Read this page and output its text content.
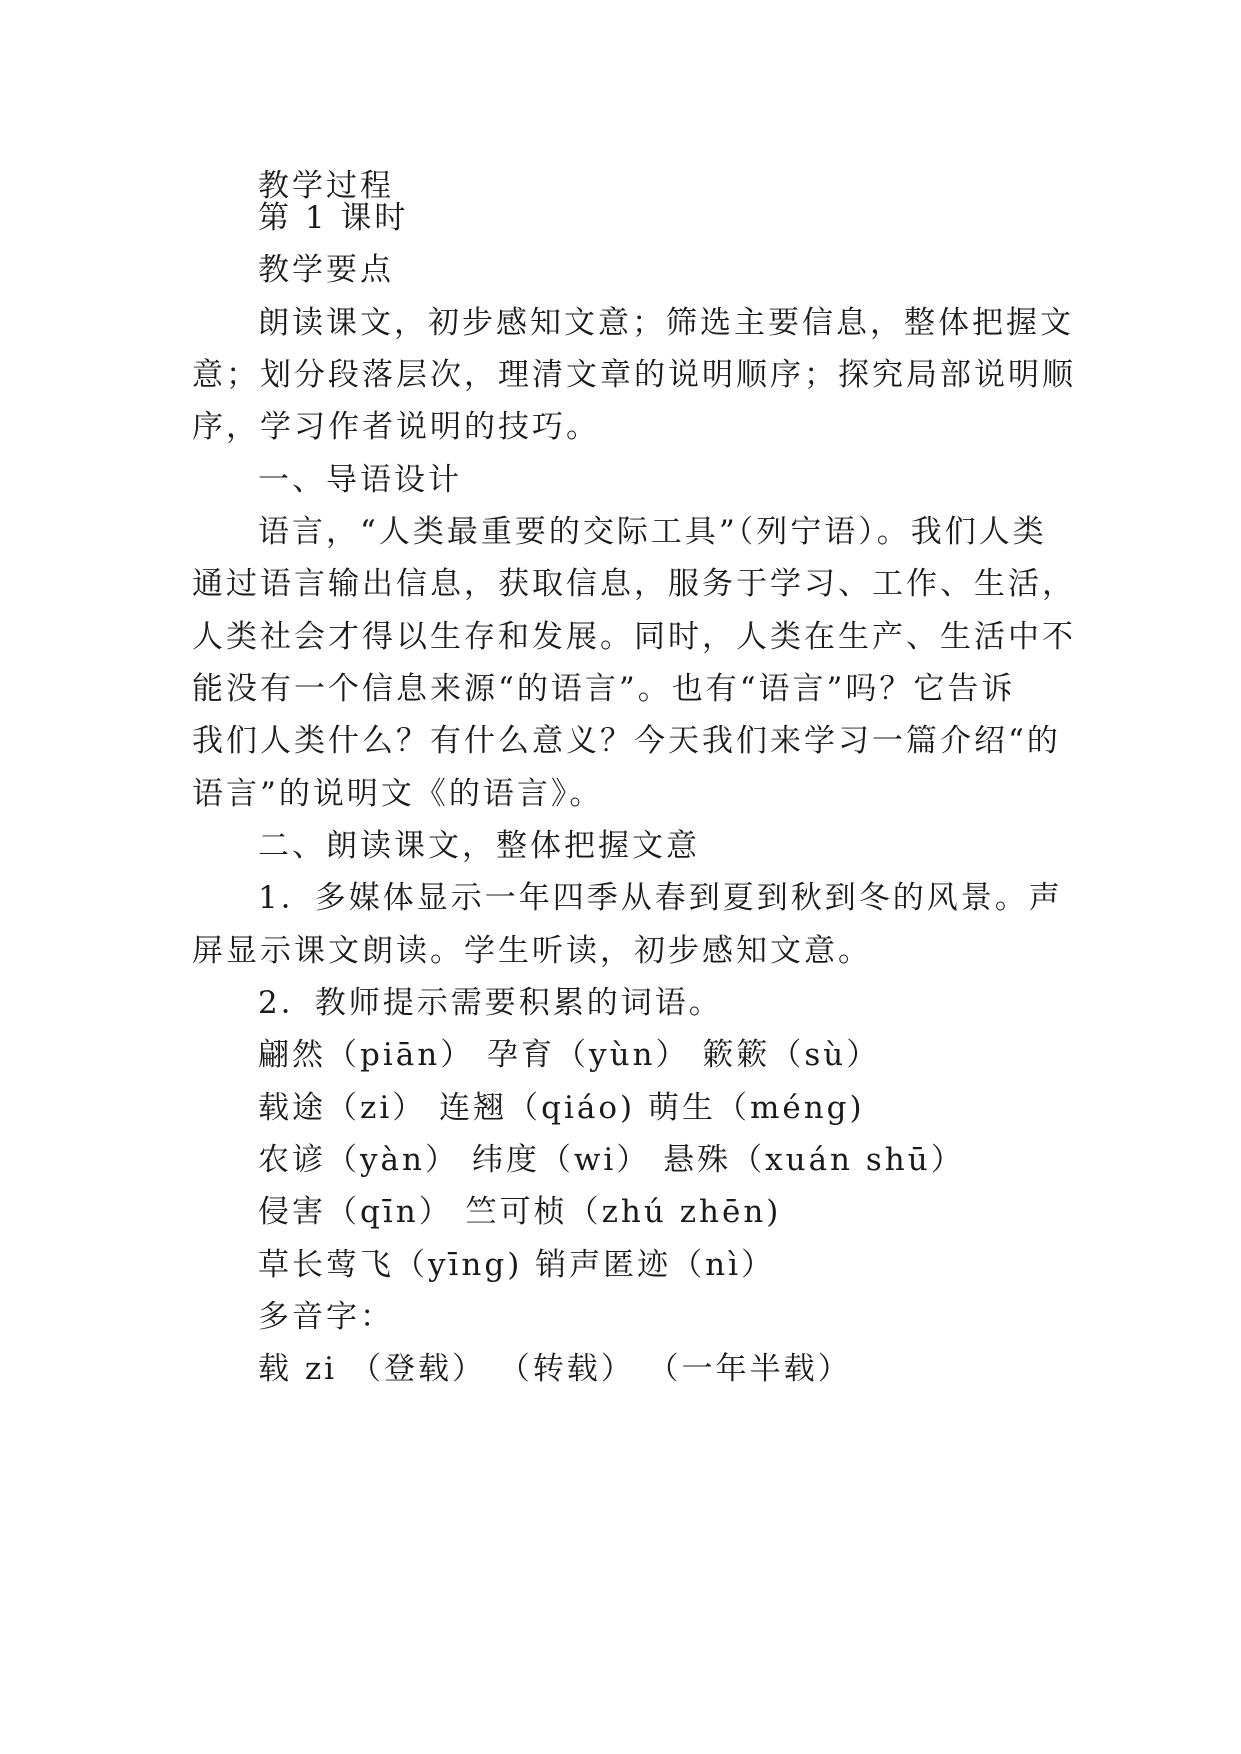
教学过程
第 1 课时
教学要点
朗读课文，初步感知文意；筛选主要信息，整体把握文
意；划分段落层次，理清文章的说明顺序；探究局部说明顺
序，学习作者说明的技巧。
一、导语设计
语言，“人类最重要的交际工具”（列宁语）。我们人类
通过语言输出信息，获取信息，服务于学习、工作、生活，
人类社会才得以生存和发展。同时，人类在生产、生活中不
能没有一个信息来源“的语言”。也有“语言”吗？它告诉
我们人类什么？有什么意义？今天我们来学习一篇介绍“的
语言”的说明文《的语言》。
二、朗读课文，整体把握文意
1．多媒体显示一年四季从春到夏到秋到冬的风景。声
屏显示课文朗读。学生听读，初步感知文意。
2．教师提示需要积累的词语。
翩然（piān） 孕育（yùn） 簌簌（sù）
载途（zi） 连翘（qiáo) 萌生（méng)
农谚（yàn） 纬度（wi） 悬殊（xuán shū）
侵害（qīn） 竺可桢（zhú zhēn)
草长莺飞（yīng) 销声匿迹（nì）
多音字：
载 zi （登载） （转载） （一年半载）
